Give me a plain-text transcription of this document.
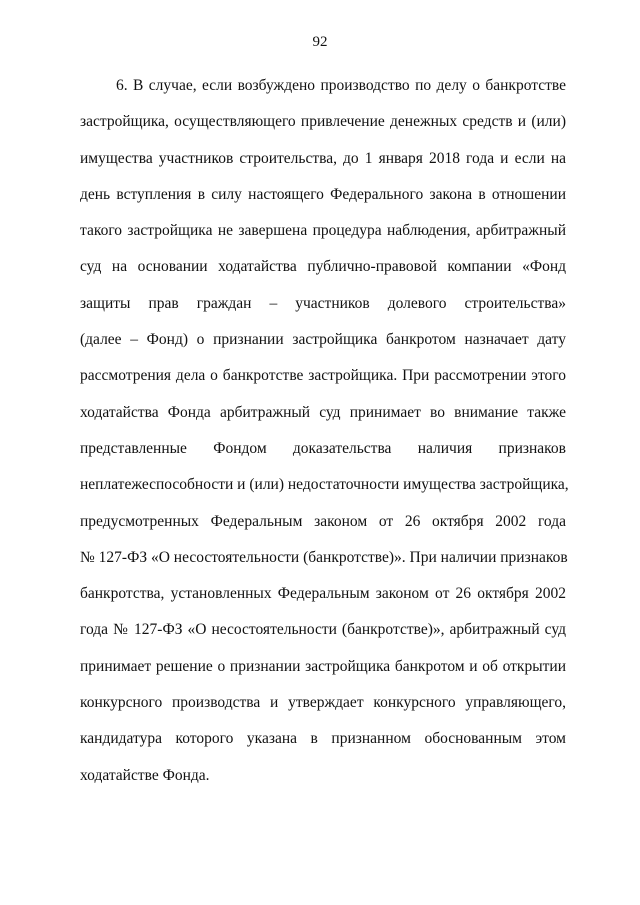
92
6. В случае, если возбуждено производство по делу о банкротстве
застройщика, осуществляющего привлечение денежных средств и (или)
имущества участников строительства, до 1 января 2018 года и если на
день вступления в силу настоящего Федерального закона в отношении
такого застройщика не завершена процедура наблюдения, арбитражный
суд на основании ходатайства публично-правовой компании «Фонд
защиты прав граждан – участников долевого строительства»
(далее – Фонд) о признании застройщика банкротом назначает дату
рассмотрения дела о банкротстве застройщика. При рассмотрении этого
ходатайства Фонда арбитражный суд принимает во внимание также
представленные Фондом доказательства наличия признаков
неплатежеспособности и (или) недостаточности имущества застройщика,
предусмотренных Федеральным законом от 26 октября 2002 года
№ 127-ФЗ «О несостоятельности (банкротстве)». При наличии признаков
банкротства, установленных Федеральным законом от 26 октября 2002
года № 127-ФЗ «О несостоятельности (банкротстве)», арбитражный суд
принимает решение о признании застройщика банкротом и об открытии
конкурсного производства и утверждает конкурсного управляющего,
кандидатура которого указана в признанном обоснованным этом
ходатайстве Фонда.
